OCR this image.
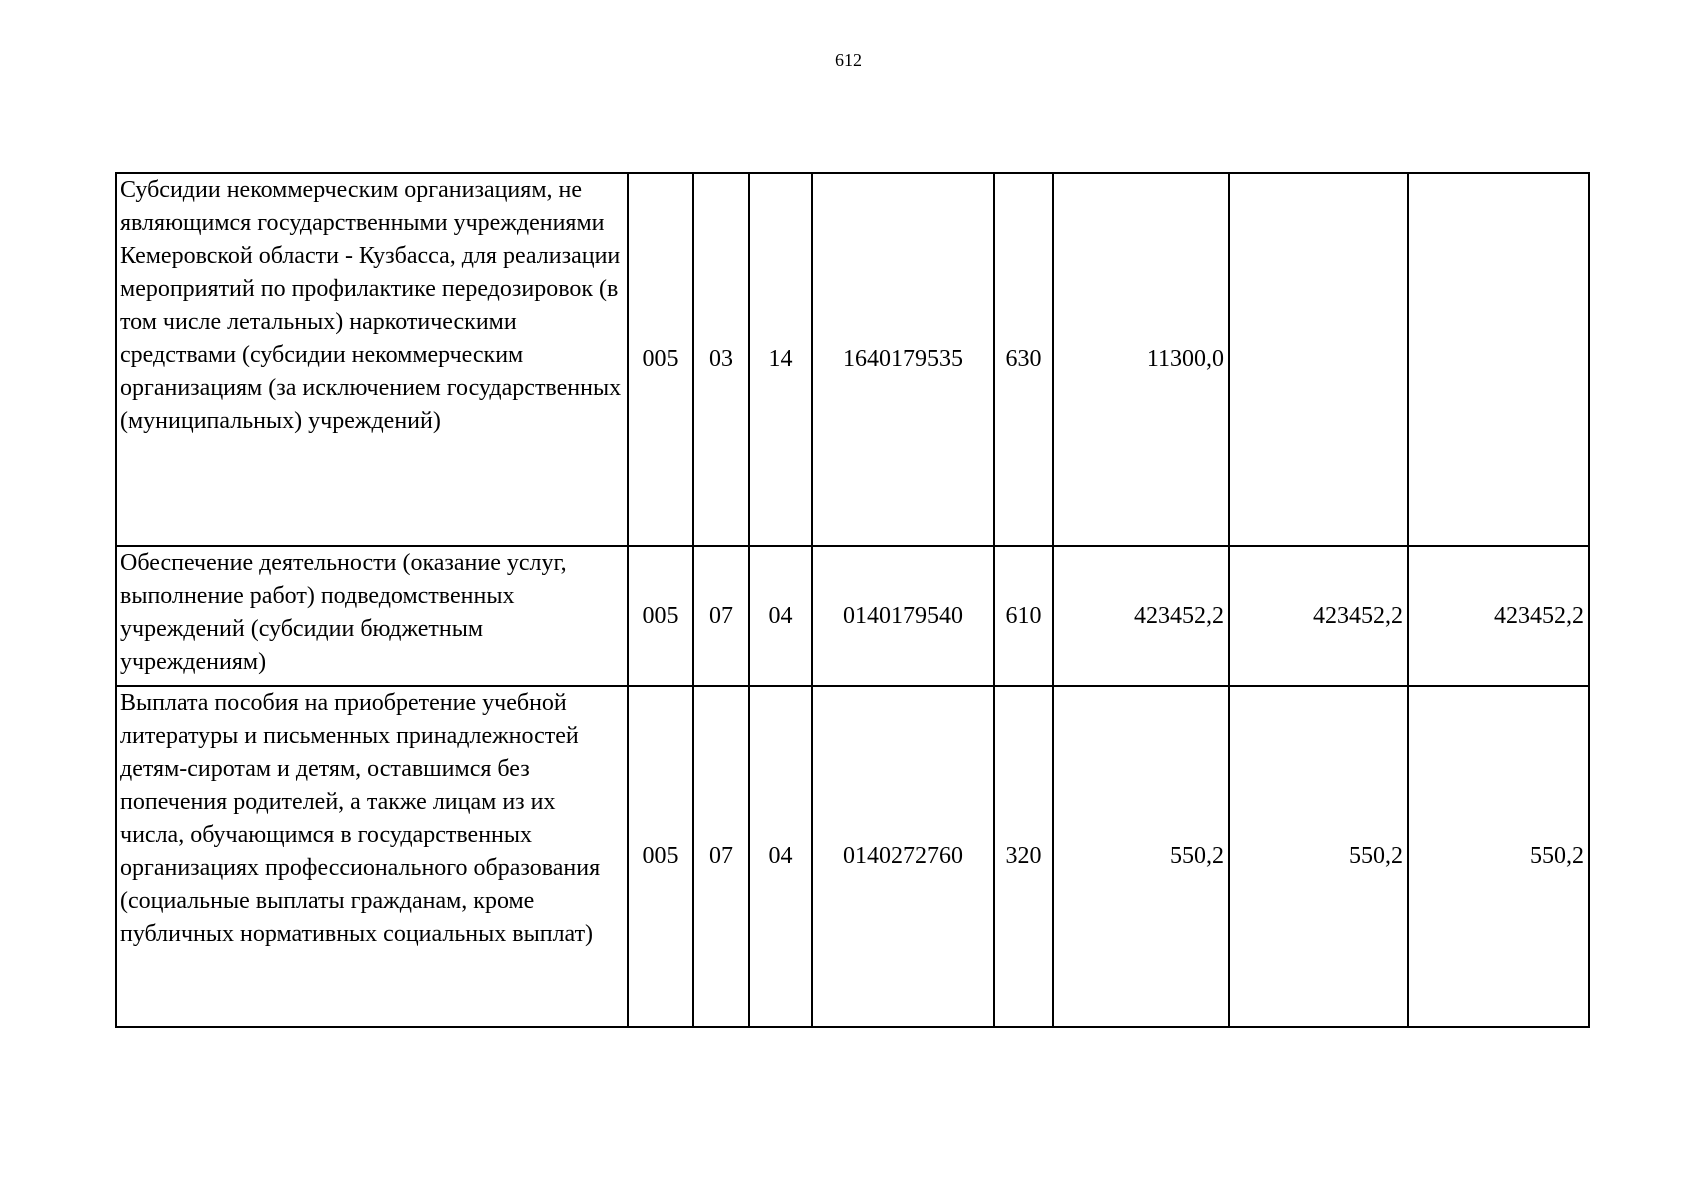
612
Субсидии некоммерческим организациям, не являющимся государственными учреждениями Кемеровской области - Кузбасса, для реализации мероприятий по профилактике передозировок (в том числе летальных) наркотическими средствами (субсидии некоммерческим организациям (за исключением государственных (муниципальных) учреждений)	005	03	14	1640179535	630	11300,0		
Обеспечение деятельности (оказание услуг, выполнение работ) подведомственных учреждений (субсидии бюджетным учреждениям)	005	07	04	0140179540	610	423452,2	423452,2	423452,2
Выплата пособия на приобретение учебной литературы и письменных принадлежностей детям-сиротам и детям, оставшимся без попечения родителей, а также лицам из их числа, обучающимся в государственных организациях профессионального образования (социальные выплаты гражданам, кроме публичных нормативных социальных выплат)	005	07	04	0140272760	320	550,2	550,2	550,2
